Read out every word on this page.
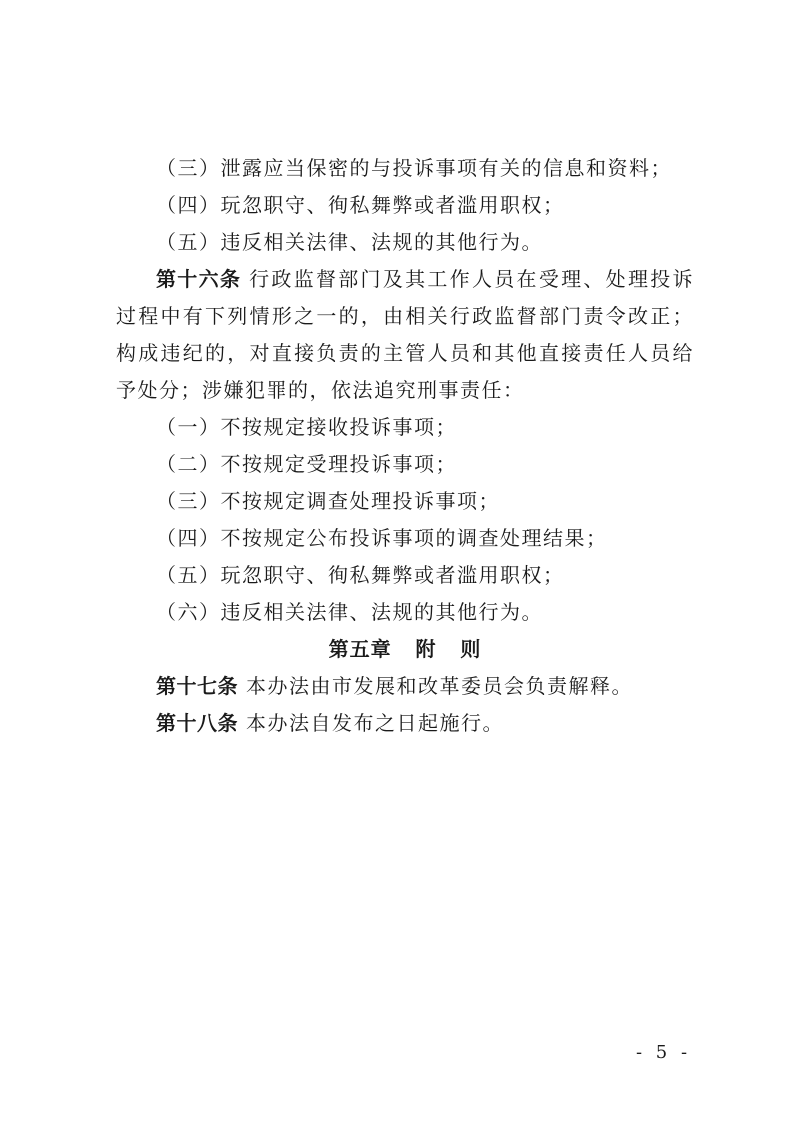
（三）泄露应当保密的与投诉事项有关的信息和资料；

（四）玩忽职守、徇私舞弊或者滥用职权；

（五）违反相关法律、法规的其他行为。

第十六条 行政监督部门及其工作人员在受理、处理投诉过程中有下列情形之一的，由相关行政监督部门责令改正；构成违纪的，对直接负责的主管人员和其他直接责任人员给予处分；涉嫌犯罪的，依法追究刑事责任：

（一）不按规定接收投诉事项；

（二）不按规定受理投诉事项；

（三）不按规定调查处理投诉事项；

（四）不按规定公布投诉事项的调查处理结果；

（五）玩忽职守、徇私舞弊或者滥用职权；

（六）违反相关法律、法规的其他行为。

第五章   附   则

第十七条 本办法由市发展和改革委员会负责解释。

第十八条 本办法自发布之日起施行。

- 5 -
